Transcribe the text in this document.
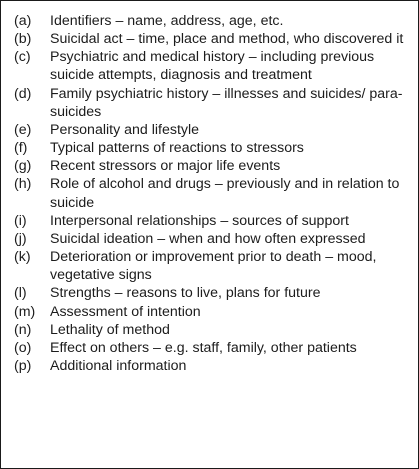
(a)	Identifiers – name, address, age, etc.
(b)	Suicidal act – time, place and method, who discovered it
(c)	Psychiatric and medical history – including previous suicide attempts, diagnosis and treatment
(d)	Family psychiatric history – illnesses and suicides/ para-suicides
(e)	Personality and lifestyle
(f)	Typical patterns of reactions to stressors
(g)	Recent stressors or major life events
(h)	Role of alcohol and drugs – previously and in relation to suicide
(i)	Interpersonal relationships – sources of support
(j)	Suicidal ideation – when and how often expressed
(k)	Deterioration or improvement prior to death – mood, vegetative signs
(l)	Strengths – reasons to live, plans for future
(m)	Assessment of intention
(n)	Lethality of method
(o)	Effect on others – e.g. staff, family, other patients
(p)	Additional information
